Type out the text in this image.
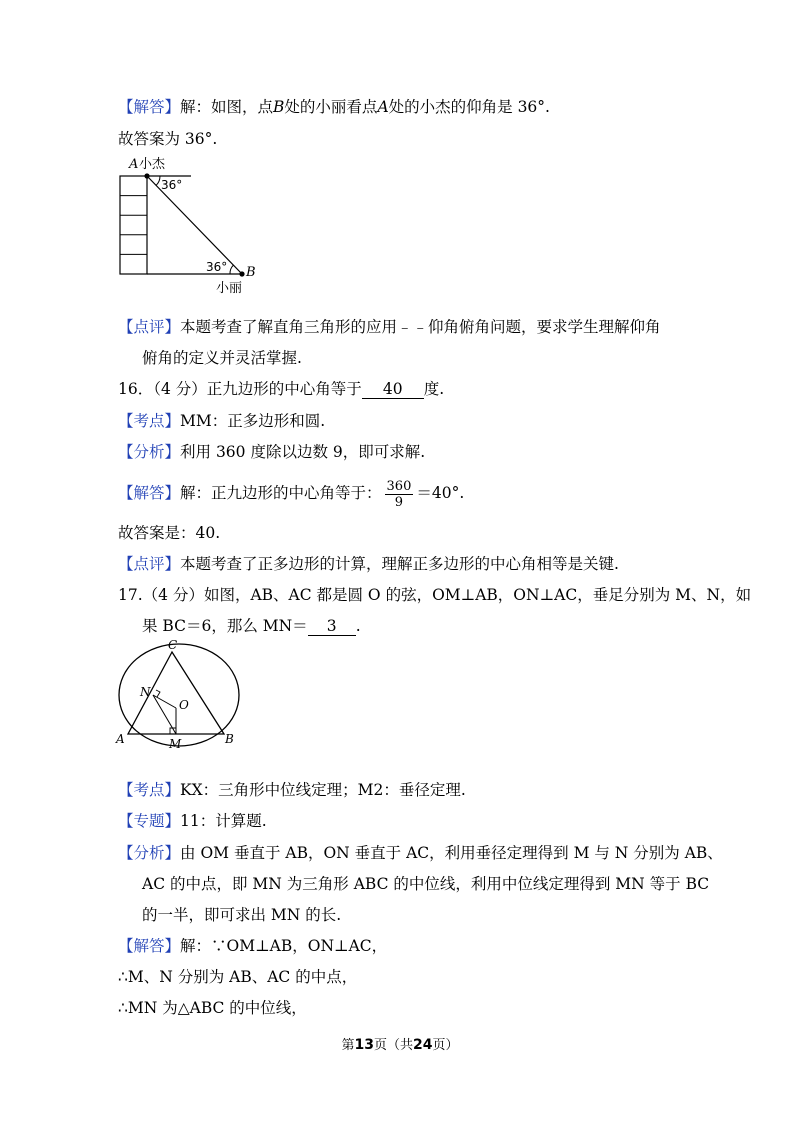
【解答】解：如图，点B处的小丽看点A处的小杰的仰角是 36°.
故答案为 36°.
A 小杰
36°
36° B
小丽
【点评】本题考查了解直角三角形的应用﹣﹣仰角俯角问题，要求学生理解仰角
俯角的定义并灵活掌握.
16．（4 分）正九边形的中心角等于 40 度.
【考点】MM：正多边形和圆.
【分析】利用 360 度除以边数 9，即可求解.
【解答】解：正九边形的中心角等于： $\frac{360}{9} =40^\circ$.
故答案是：40.
【点评】本题考查了正多边形的计算，理解正多边形的中心角相等是关键.
17.（4 分）如图，AB、AC 都是圆 O 的弦，OM⊥AB，ON⊥AC，垂足分别为 M、N，如
果 BC＝6，那么 MN＝ 3 .
C
N
O
A	M	B
【考点】KX：三角形中位线定理；M2：垂径定理.
【专题】11：计算题.
【分析】由 OM 垂直于 AB，ON 垂直于 AC，利用垂径定理得到 M 与 N 分别为 AB、
AC 的中点，即 MN 为三角形 ABC 的中位线，利用中位线定理得到 MN 等于 BC
的一半，即可求出 MN 的长.
【解答】解：∵OM⊥AB，ON⊥AC，
∴M、N 分别为 AB、AC 的中点，
∴MN 为△ABC 的中位线，
第13页（共24页）
